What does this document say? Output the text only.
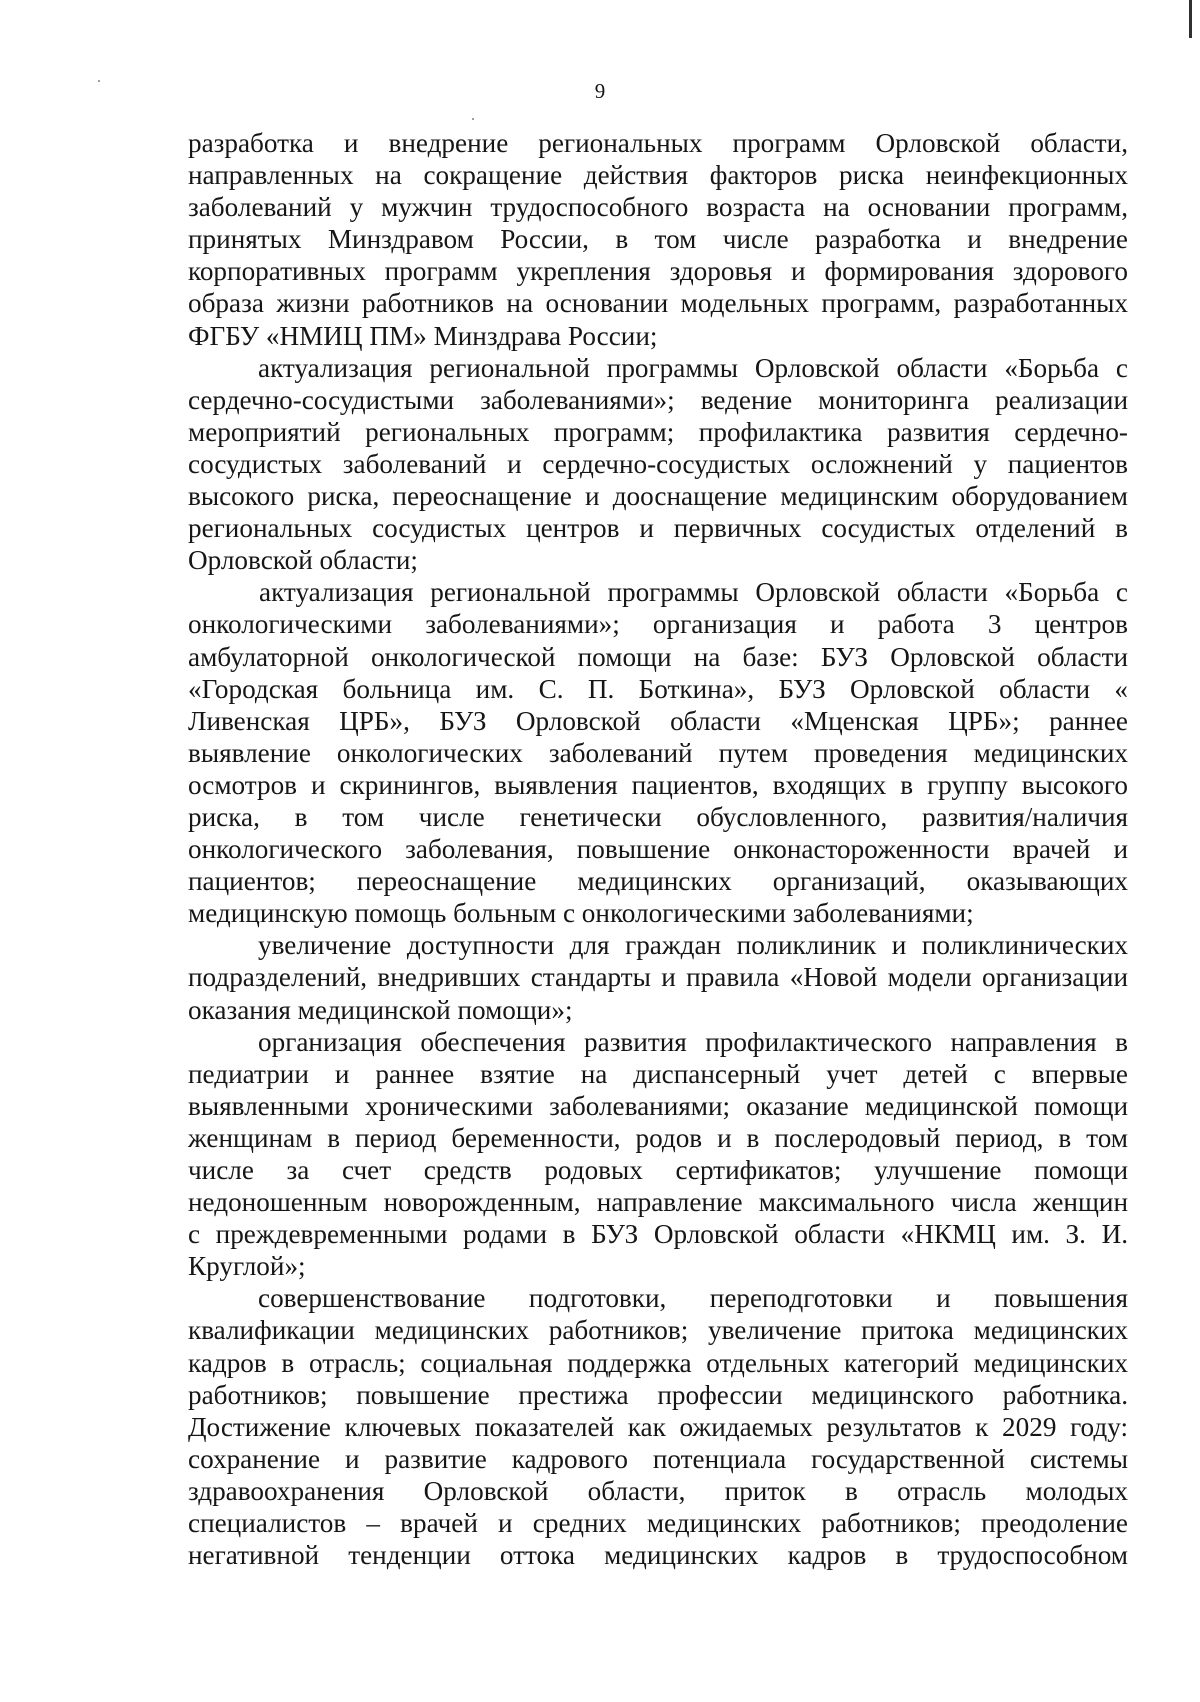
9
разработка и внедрение региональных программ Орловской области,
направленных на сокращение действия факторов риска неинфекционных
заболеваний у мужчин трудоспособного возраста на основании программ,
принятых Минздравом России, в том числе разработка и внедрение
корпоративных программ укрепления здоровья и формирования здорового
образа жизни работников на основании модельных программ, разработанных
ФГБУ «НМИЦ ПМ» Минздрава России;
актуализация региональной программы Орловской области «Борьба с
сердечно-сосудистыми заболеваниями»; ведение мониторинга реализации
мероприятий региональных программ; профилактика развития сердечно-
сосудистых заболеваний и сердечно-сосудистых осложнений у пациентов
высокого риска, переоснащение и дооснащение медицинским оборудованием
региональных сосудистых центров и первичных сосудистых отделений в
Орловской области;
актуализация региональной программы Орловской области «Борьба с
онкологическими заболеваниями»; организация и работа 3 центров
амбулаторной онкологической помощи на базе: БУЗ Орловской области
«Городская больница им. С. П. Боткина», БУЗ Орловской области «
Ливенская ЦРБ», БУЗ Орловской области «Мценская ЦРБ»; раннее
выявление онкологических заболеваний путем проведения медицинских
осмотров и скринингов, выявления пациентов, входящих в группу высокого
риска, в том числе генетически обусловленного, развития/наличия
онкологического заболевания, повышение онконастороженности врачей и
пациентов; переоснащение медицинских организаций, оказывающих
медицинскую помощь больным с онкологическими заболеваниями;
увеличение доступности для граждан поликлиник и поликлинических
подразделений, внедривших стандарты и правила «Новой модели организации
оказания медицинской помощи»;
организация обеспечения развития профилактического направления в
педиатрии и раннее взятие на диспансерный учет детей с впервые
выявленными хроническими заболеваниями; оказание медицинской помощи
женщинам в период беременности, родов и в послеродовый период, в том
числе за счет средств родовых сертификатов; улучшение помощи
недоношенным новорожденным, направление максимального числа женщин
с преждевременными родами в БУЗ Орловской области «НКМЦ им. З. И.
Круглой»;
совершенствование подготовки, переподготовки и повышения
квалификации медицинских работников; увеличение притока медицинских
кадров в отрасль; социальная поддержка отдельных категорий медицинских
работников; повышение престижа профессии медицинского работника.
Достижение ключевых показателей как ожидаемых результатов к 2029 году:
сохранение и развитие кадрового потенциала государственной системы
здравоохранения Орловской области, приток в отрасль молодых
специалистов – врачей и средних медицинских работников; преодоление
негативной тенденции оттока медицинских кадров в трудоспособном
